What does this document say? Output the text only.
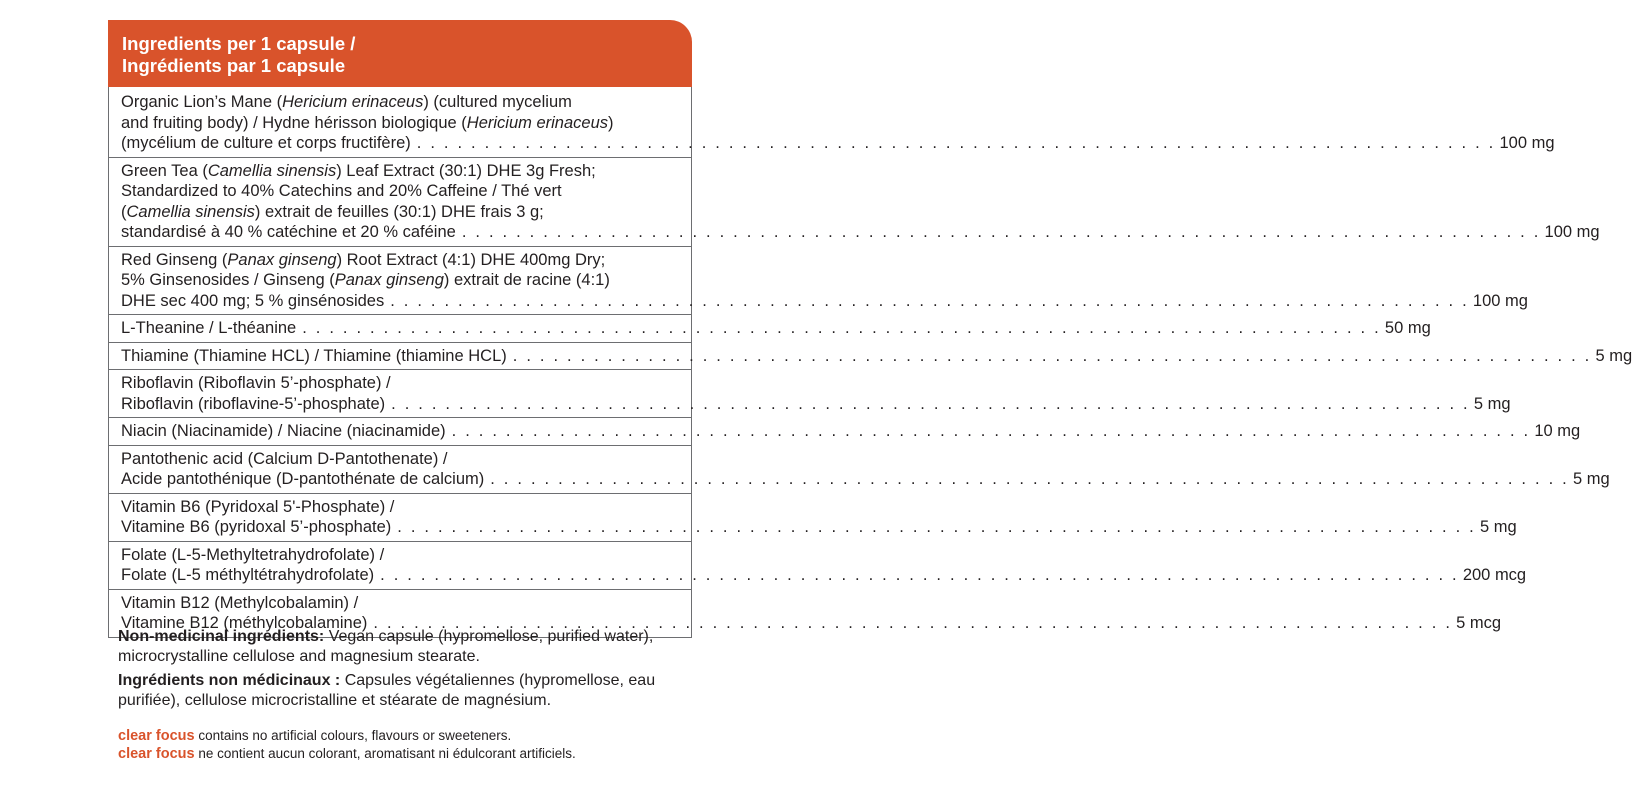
Ingredients per 1 capsule /
Ingrédients par 1 capsule
Organic Lion’s Mane (Hericium erinaceus) (cultured mycelium
and fruiting body) / Hydne hérisson biologique (Hericium erinaceus)
(mycélium de culture et corps fructifère) . . . . . . . . . . . . . . . . . . . . . . . . . . . . . . . . . . . . . . . . . . . . . . . . . . . . . . . . . . . . . . . . . . . . . . . . . . . . . . . . 100 mg
Green Tea (Camellia sinensis) Leaf Extract (30:1) DHE 3g Fresh;
Standardized to 40% Catechins and 20% Caffeine / Thé vert
(Camellia sinensis) extrait de feuilles (30:1) DHE frais 3 g;
standardisé à 40 % catéchine et 20 % caféine . . . . . . . . . . . . . . . . . . . . . . . . . . . . . . . . . . . . . . . . . . . . . . . . . . . . . . . . . . . . . . . . . . . . . . . . . . . . . . . . 100 mg
Red Ginseng (Panax ginseng) Root Extract (4:1) DHE 400mg Dry;
5% Ginsenosides / Ginseng (Panax ginseng) extrait de racine (4:1)
DHE sec 400 mg; 5 % ginsénosides . . . . . . . . . . . . . . . . . . . . . . . . . . . . . . . . . . . . . . . . . . . . . . . . . . . . . . . . . . . . . . . . . . . . . . . . . . . . . . . . 100 mg
L-Theanine / L-théanine . . . . . . . . . . . . . . . . . . . . . . . . . . . . . . . . . . . . . . . . . . . . . . . . . . . . . . . . . . . . . . . . . . . . . . . . . . . . . . . . 50 mg
Thiamine (Thiamine HCL) / Thiamine (thiamine HCL) . . . . . . . . . . . . . . . . . . . . . . . . . . . . . . . . . . . . . . . . . . . . . . . . . . . . . . . . . . . . . . . . . . . . . . . . . . . . . . . . 5 mg
Riboflavin (Riboflavin 5’-phosphate) /
Riboflavin (riboflavine-5’-phosphate) . . . . . . . . . . . . . . . . . . . . . . . . . . . . . . . . . . . . . . . . . . . . . . . . . . . . . . . . . . . . . . . . . . . . . . . . . . . . . . . . 5 mg
Niacin (Niacinamide) / Niacine (niacinamide) . . . . . . . . . . . . . . . . . . . . . . . . . . . . . . . . . . . . . . . . . . . . . . . . . . . . . . . . . . . . . . . . . . . . . . . . . . . . . . . . 10 mg
Pantothenic acid (Calcium D-Pantothenate) /
Acide pantothénique (D-pantothénate de calcium) . . . . . . . . . . . . . . . . . . . . . . . . . . . . . . . . . . . . . . . . . . . . . . . . . . . . . . . . . . . . . . . . . . . . . . . . . . . . . . . . 5 mg
Vitamin B6 (Pyridoxal 5'-Phosphate) /
Vitamine B6 (pyridoxal 5’-phosphate) . . . . . . . . . . . . . . . . . . . . . . . . . . . . . . . . . . . . . . . . . . . . . . . . . . . . . . . . . . . . . . . . . . . . . . . . . . . . . . . . 5 mg
Folate (L-5-Methyltetrahydrofolate) /
Folate (L-5 méthyltétrahydrofolate) . . . . . . . . . . . . . . . . . . . . . . . . . . . . . . . . . . . . . . . . . . . . . . . . . . . . . . . . . . . . . . . . . . . . . . . . . . . . . . . . 200 mcg
Vitamin B12 (Methylcobalamin) /
Vitamine B12 (méthylcobalamine) . . . . . . . . . . . . . . . . . . . . . . . . . . . . . . . . . . . . . . . . . . . . . . . . . . . . . . . . . . . . . . . . . . . . . . . . . . . . . . . . 5 mcg

Non-medicinal ingredients: Vegan capsule (hypromellose, purified water), microcrystalline cellulose and magnesium stearate.

Ingrédients non médicinaux : Capsules végétaliennes (hypromellose, eau purifiée), cellulose microcristalline et stéarate de magnésium.

clear focus contains no artificial colours, flavours or sweeteners.
clear focus ne contient aucun colorant, aromatisant ni édulcorant artificiels.
